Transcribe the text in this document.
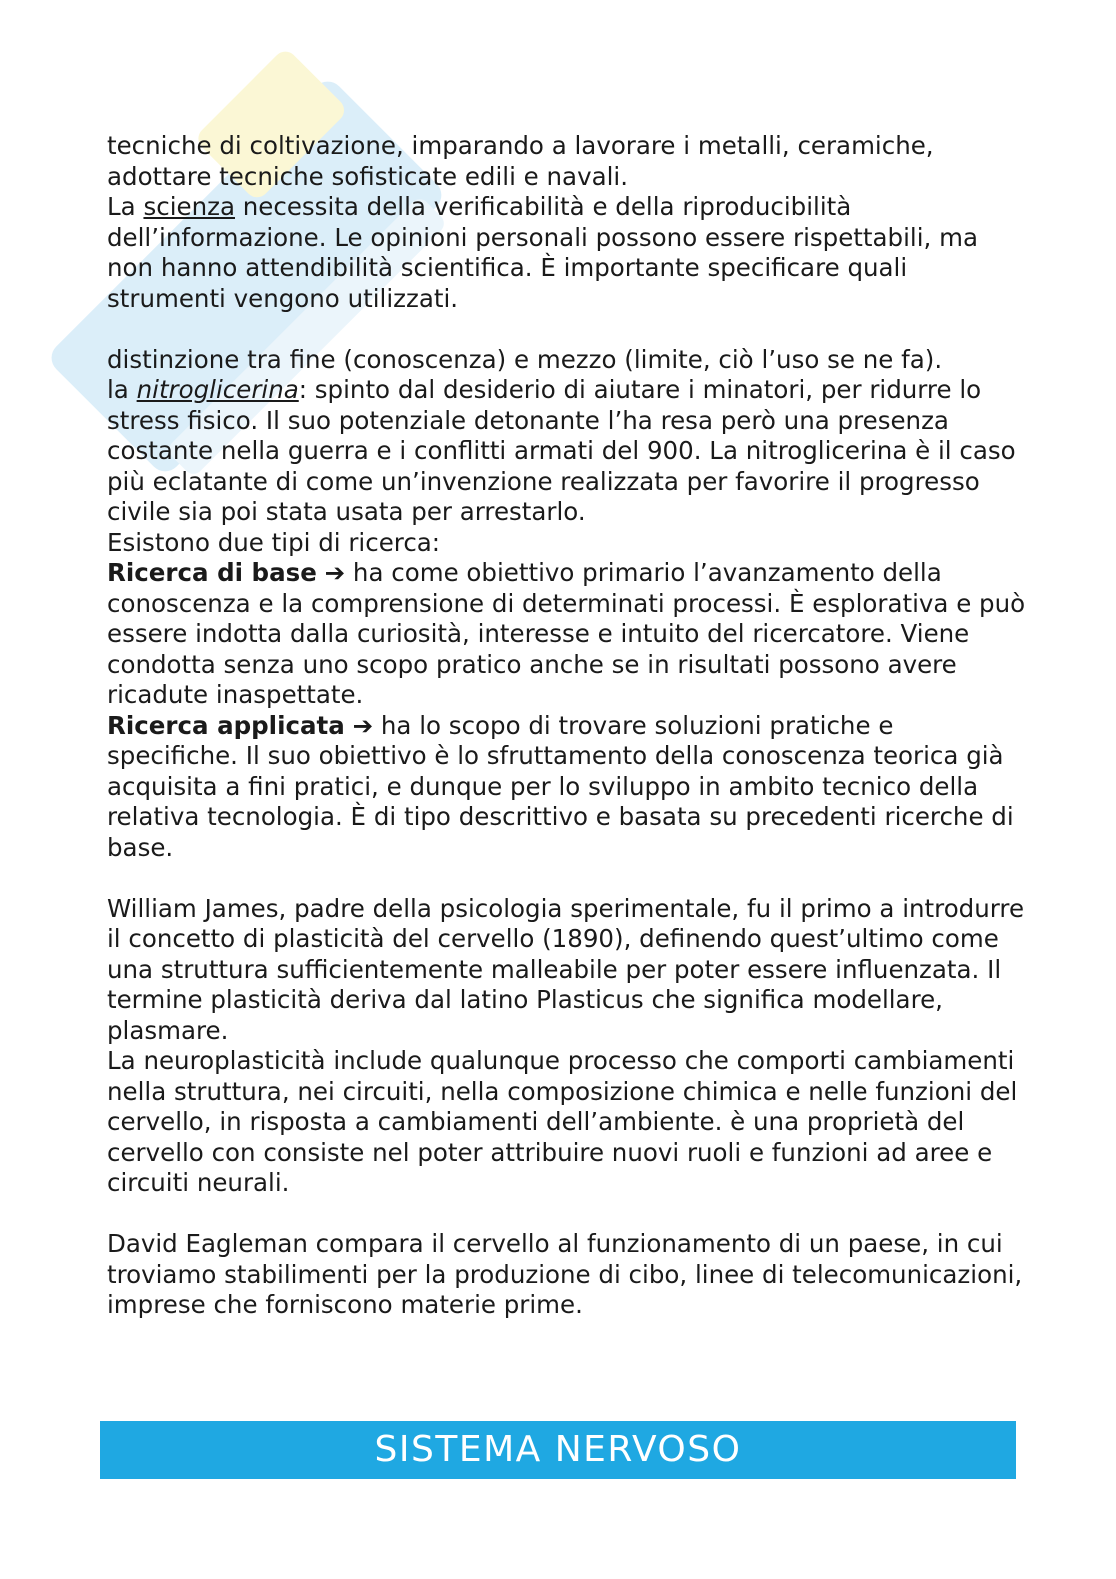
tecniche di coltivazione, imparando a lavorare i metalli, ceramiche, adottare tecniche sofisticate edili e navali.

La scienza necessita della verificabilità e della riproducibilità dell’informazione. Le opinioni personali possono essere rispettabili, ma non hanno attendibilità scientifica. È importante specificare quali strumenti vengono utilizzati.

distinzione tra fine (conoscenza) e mezzo (limite, ciò l’uso se ne fa).

la nitroglicerina: spinto dal desiderio di aiutare i minatori, per ridurre lo stress fisico. Il suo potenziale detonante l’ha resa però una presenza costante nella guerra e i conflitti armati del 900. La nitroglicerina è il caso più eclatante di come un’invenzione realizzata per favorire il progresso civile sia poi stata usata per arrestarlo.

Esistono due tipi di ricerca:

Ricerca di base ➔ ha come obiettivo primario l’avanzamento della conoscenza e la comprensione di determinati processi. È esplorativa e può essere indotta dalla curiosità, interesse e intuito del ricercatore. Viene condotta senza uno scopo pratico anche se in risultati possono avere ricadute inaspettate.

Ricerca applicata ➔ ha lo scopo di trovare soluzioni pratiche e specifiche. Il suo obiettivo è lo sfruttamento della conoscenza teorica già acquisita a fini pratici, e dunque per lo sviluppo in ambito tecnico della relativa tecnologia. È di tipo descrittivo e basata su precedenti ricerche di base.

William James, padre della psicologia sperimentale, fu il primo a introdurre il concetto di plasticità del cervello (1890), definendo quest’ultimo come una struttura sufficientemente malleabile per poter essere influenzata. Il termine plasticità deriva dal latino Plasticus che significa modellare, plasmare.

La neuroplasticità include qualunque processo che comporti cambiamenti nella struttura, nei circuiti, nella composizione chimica e nelle funzioni del cervello, in risposta a cambiamenti dell’ambiente. è una proprietà del cervello con consiste nel poter attribuire nuovi ruoli e funzioni ad aree e circuiti neurali.

David Eagleman compara il cervello al funzionamento di un paese, in cui troviamo stabilimenti per la produzione di cibo, linee di telecomunicazioni, imprese che forniscono materie prime.

SISTEMA NERVOSO
